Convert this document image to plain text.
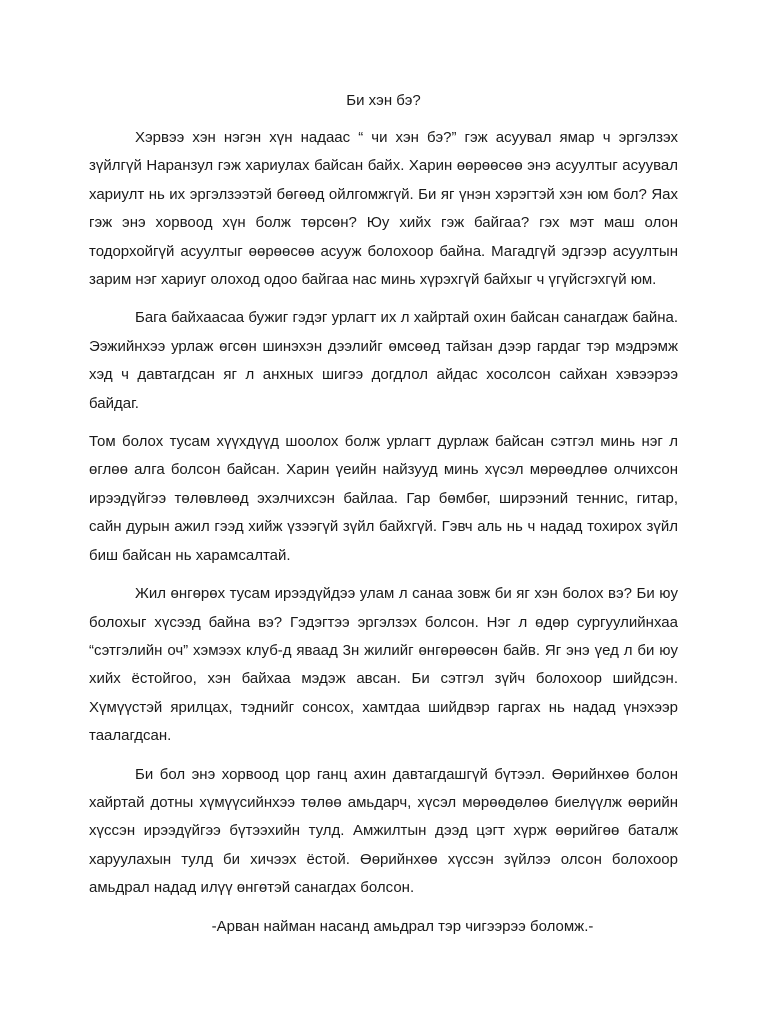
Би хэн бэ?

Хэрвээ хэн нэгэн хүн надаас “ чи хэн бэ?” гэж асуувал ямар ч эргэлзэх зүйлгүй Наранзул гэж хариулах байсан байх. Харин өөрөөсөө энэ асуултыг асуувал хариулт нь их эргэлзээтэй бөгөөд ойлгомжгүй. Би яг үнэн хэрэгтэй хэн юм бол? Яах гэж энэ хорвоод хүн болж төрсөн? Юу хийх гэж байгаа? гэх мэт маш олон тодорхойгүй асуултыг өөрөөсөө асууж болохоор байна. Магадгүй эдгээр асуултын зарим нэг хариуг олоход одоо байгаа нас минь хүрэхгүй байхыг ч үгүйсгэхгүй юм.

Бага байхаасаа бужиг гэдэг урлагт их л хайртай охин байсан санагдаж байна. Ээжийнхээ урлаж өгсөн шинэхэн дээлийг өмсөөд тайзан дээр гардаг тэр мэдрэмж хэд ч давтагдсан яг л анхных шигээ догдлол айдас хосолсон сайхан хэвээрээ байдаг.

Том болох тусам хүүхдүүд шоолох болж урлагт дурлаж байсан сэтгэл минь нэг л өглөө алга болсон байсан. Харин үеийн найзууд минь хүсэл мөрөөдлөө олчихсон ирээдүйгээ төлөвлөөд эхэлчихсэн байлаа. Гар бөмбөг, ширээний теннис, гитар, сайн дурын ажил гээд хийж үзээгүй зүйл байхгүй. Гэвч аль нь ч надад тохирох зүйл биш байсан нь харамсалтай.

Жил өнгөрөх тусам ирээдүйдээ улам л санаа зовж би яг хэн болох вэ? Би юу болохыг хүсээд байна вэ? Гэдэгтээ эргэлзэх болсон. Нэг л өдөр сургуулийнхаа “сэтгэлийн оч” хэмээх клуб-д яваад 3н жилийг өнгөрөөсөн байв. Яг энэ үед л би юу хийх ёстойгоо, хэн байхаа мэдэж авсан. Би сэтгэл зүйч болохоор шийдсэн. Хүмүүстэй ярилцах, тэднийг сонсох, хамтдаа шийдвэр гаргах нь надад үнэхээр таалагдсан.

Би бол энэ хорвоод цор ганц ахин давтагдашгүй бүтээл. Өөрийнхөө болон хайртай дотны хүмүүсийнхээ төлөө амьдарч, хүсэл мөрөөдөлөө биелүүлж өөрийн хүссэн ирээдүйгээ бүтээхийн тулд. Амжилтын дээд цэгт хүрж өөрийгөө баталж харуулахын тулд би хичээх ёстой. Өөрийнхөө хүссэн зүйлээ олсон болохоор амьдрал надад илүү өнгөтэй санагдах болсон.

-Арван найман насанд амьдрал тэр чигээрээ боломж.-
